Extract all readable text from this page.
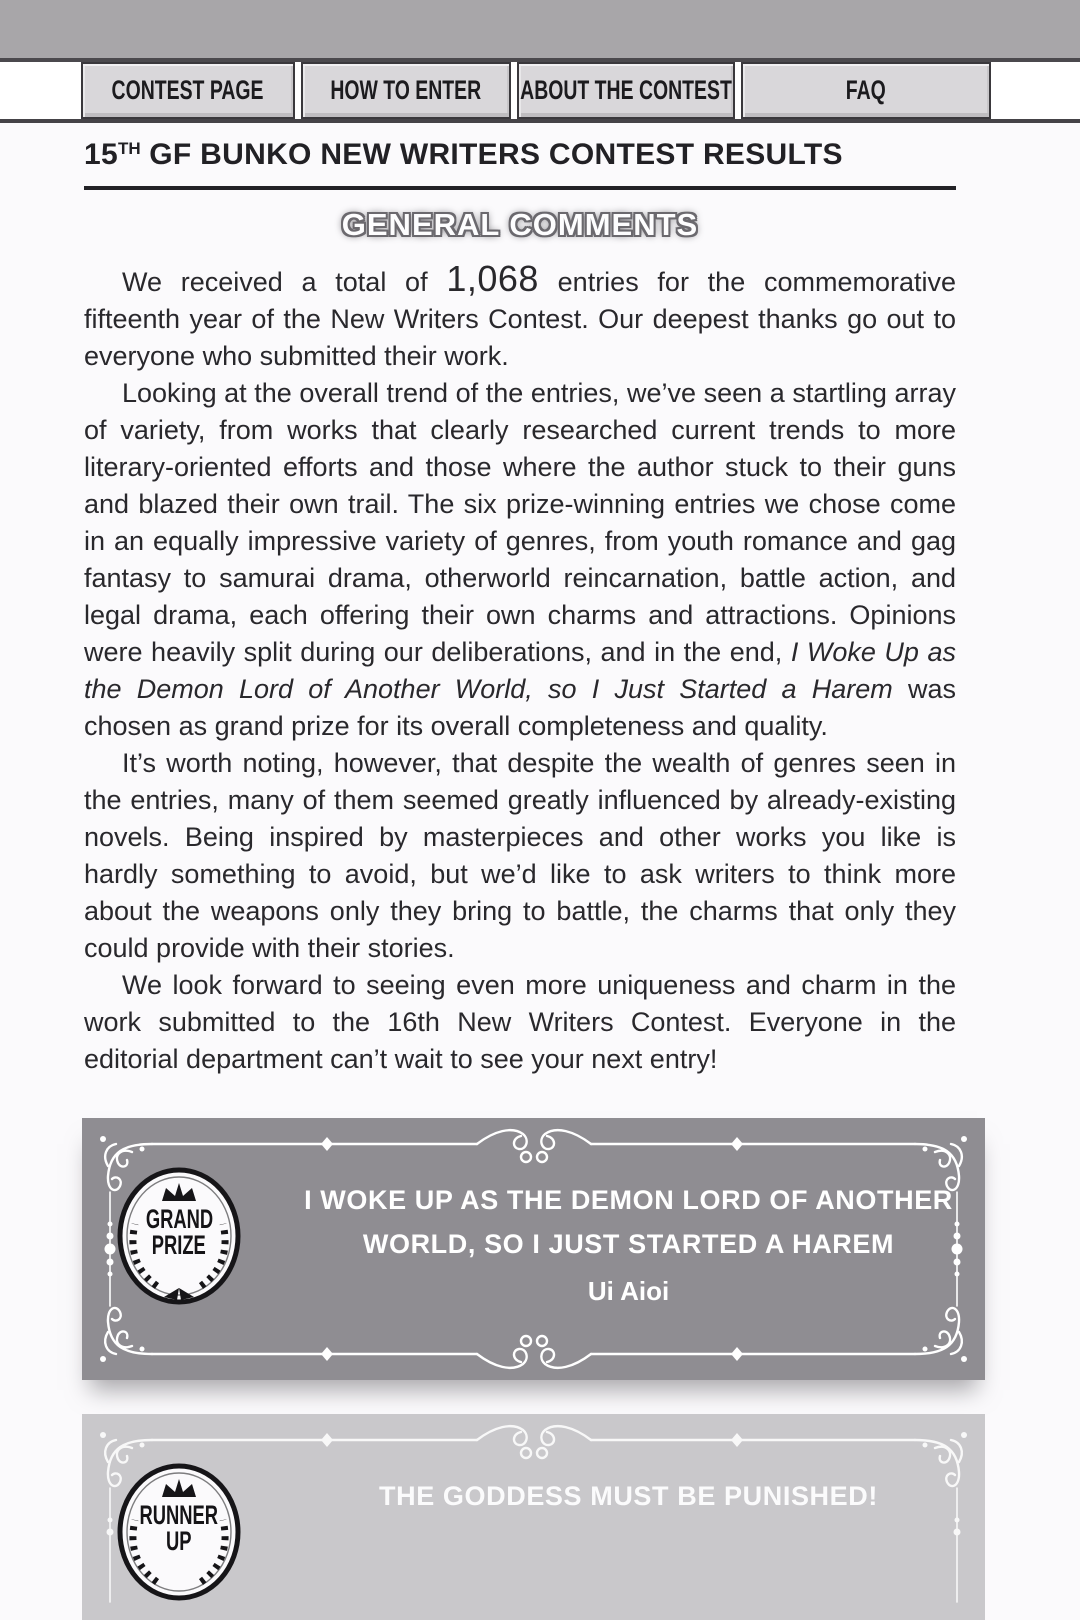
CONTEST PAGE HOW TO ENTER ABOUT THE CONTEST	FAQ
15TH GF BUNKO NEW WRITERS CONTEST RESULTS
GENERAL COMMENTS

We received a total of 1,068 entries for the commemorative fifteenth year of the New Writers Contest. Our deepest thanks go out to everyone who submitted their work.

Looking at the overall trend of the entries, we’ve seen a startling array of variety, from works that clearly researched current trends to more literary-oriented efforts and those where the author stuck to their guns and blazed their own trail. The six prize-winning entries we chose come in an equally impressive variety of genres, from youth romance and gag fantasy to samurai drama, otherworld reincarnation, battle action, and legal drama, each offering their own charms and attractions. Opinions were heavily split during our deliberations, and in the end, I Woke Up as the Demon Lord of Another World, so I Just Started a Harem was chosen as grand prize for its overall completeness and quality.

It’s worth noting, however, that despite the wealth of genres seen in the entries, many of them seemed greatly influenced by already-existing novels. Being inspired by masterpieces and other works you like is hardly something to avoid, but we’d like to ask writers to think more about the weapons only they bring to battle, the charms that only they could provide with their stories.

We look forward to seeing even more uniqueness and charm in the work submitted to the 16th New Writers Contest. Everyone in the editorial department can’t wait to see your next entry!

GRAND
PRIZE
I WOKE UP AS THE DEMON LORD OF ANOTHER WORLD, SO I JUST STARTED A HAREM
Ui Aioi
RUNNER
UP
THE GODDESS MUST BE PUNISHED!
